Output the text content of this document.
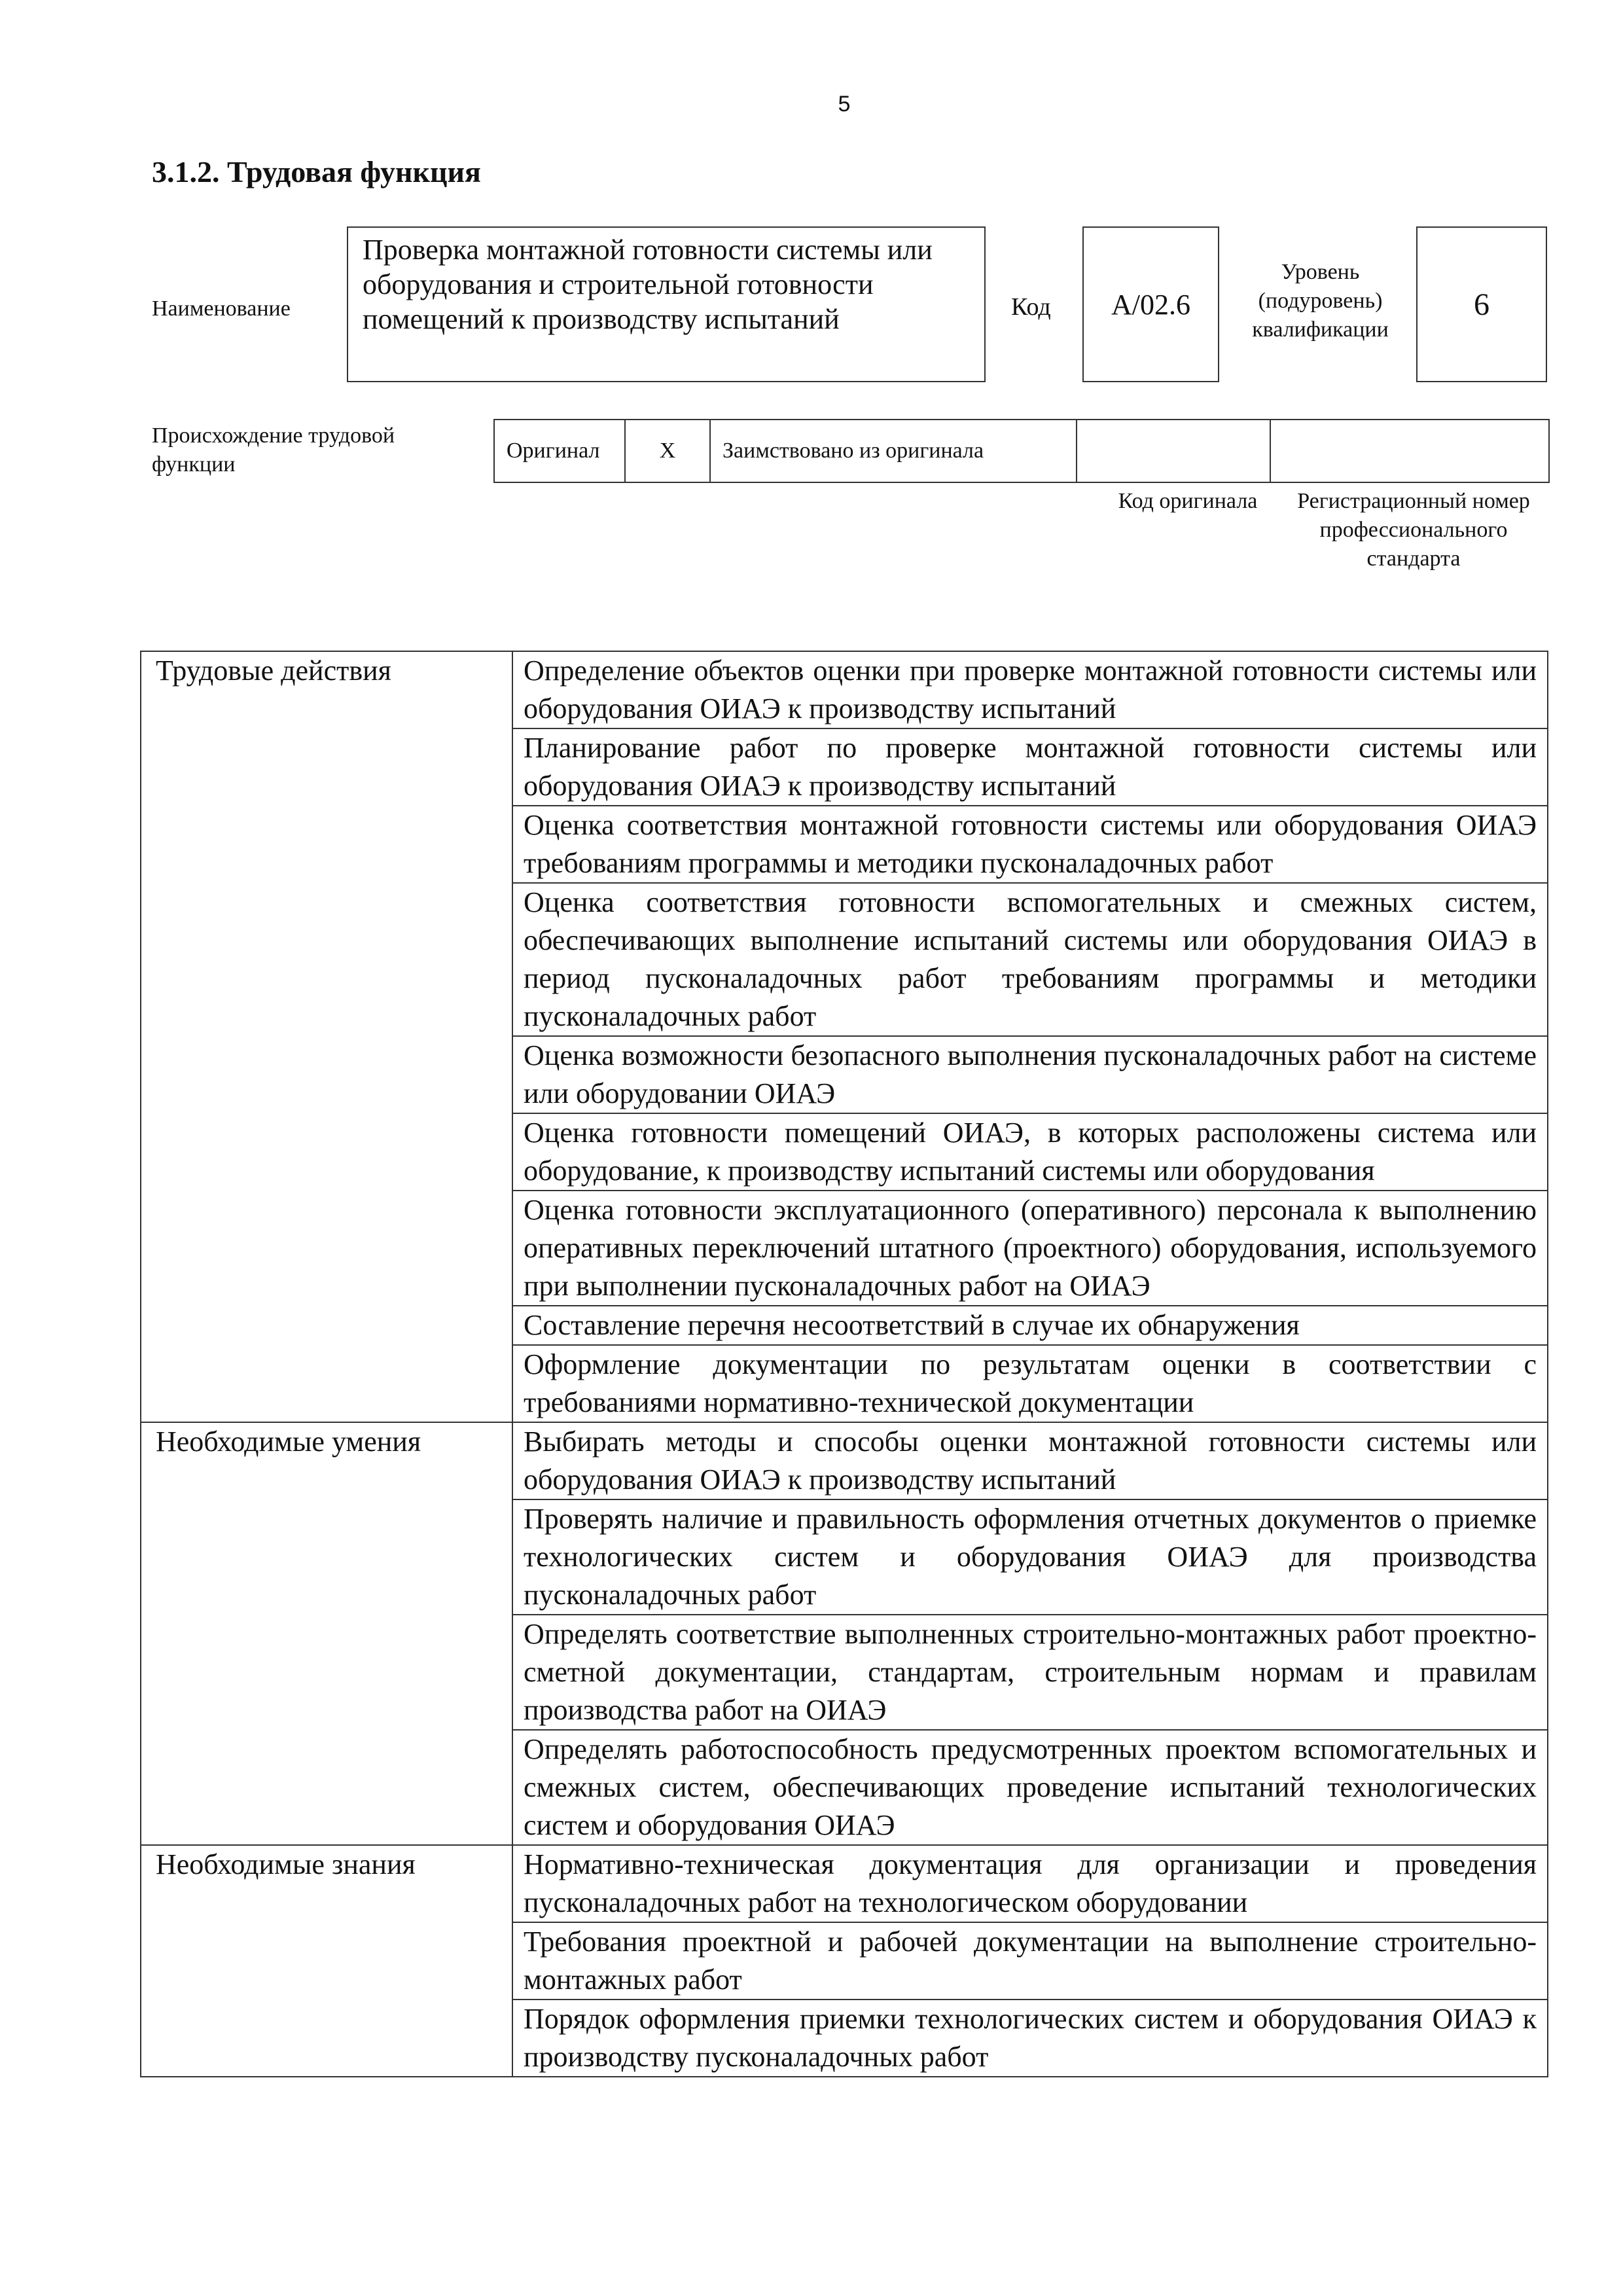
5
3.1.2. Трудовая функция
Наименование
Проверка монтажной готовности системы или оборудования и строительной готовности помещений к производству испытаний	Код	A/02.6
Уровень (подуровень) квалификации
6
Происхождение трудовой функции
Оригинал	X	Заимствовано из оригинала		
Код оригинала	Регистрационный номер профессионального стандарта
Трудовые действия	Определение объектов оценки при проверке монтажной готовности системы или оборудования ОИАЭ к производству испытаний
	Планирование работ по проверке монтажной готовности системы или оборудования ОИАЭ к производству испытаний
	Оценка соответствия монтажной готовности системы или оборудования ОИАЭ требованиям программы и методики пусконаладочных работ
	Оценка соответствия готовности вспомогательных и смежных систем, обеспечивающих выполнение испытаний системы или оборудования ОИАЭ в период пусконаладочных работ требованиям программы и методики пусконаладочных работ
	Оценка возможности безопасного выполнения пусконаладочных работ на системе или оборудовании ОИАЭ
	Оценка готовности помещений ОИАЭ, в которых расположены система или оборудование, к производству испытаний системы или оборудования
	Оценка готовности эксплуатационного (оперативного) персонала к выполнению оперативных переключений штатного (проектного) оборудования, используемого при выполнении пусконаладочных работ на ОИАЭ
	Составление перечня несоответствий в случае их обнаружения
	Оформление документации по результатам оценки в соответствии с требованиями нормативно-технической документации
Необходимые умения	Выбирать методы и способы оценки монтажной готовности системы или оборудования ОИАЭ к производству испытаний
	Проверять наличие и правильность оформления отчетных документов о приемке технологических систем и оборудования ОИАЭ для производства пусконаладочных работ
	Определять соответствие выполненных строительно-монтажных работ проектно-сметной документации, стандартам, строительным нормам и правилам производства работ на ОИАЭ
	Определять работоспособность предусмотренных проектом вспомогательных и смежных систем, обеспечивающих проведение испытаний технологических систем и оборудования ОИАЭ
Необходимые знания	Нормативно-техническая документация для организации и проведения пусконаладочных работ на технологическом оборудовании
	Требования проектной и рабочей документации на выполнение строительно-монтажных работ
	Порядок оформления приемки технологических систем и оборудования ОИАЭ к производству пусконаладочных работ
